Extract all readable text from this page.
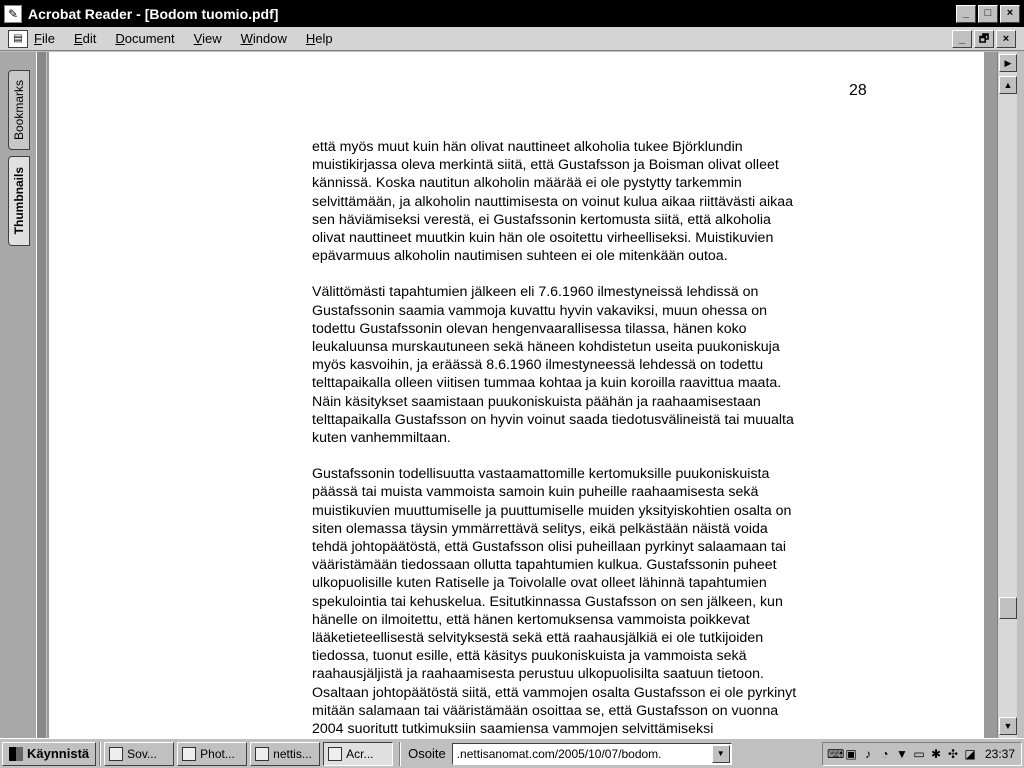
✎ Acrobat Reader - [Bodom tuomio.pdf]	_	□	×
▤ File Edit Document View Window Help	_	🗗	×
Bookmarks
Thumbnails
28

että myös muut kuin hän olivat nauttineet alkoholia tukee Björklundin
muistikirjassa oleva merkintä siitä, että Gustafsson ja Boisman olivat olleet
kännissä. Koska nautitun alkoholin määrää ei ole pystytty tarkemmin
selvittämään, ja alkoholin nauttimisesta on voinut kulua aikaa riittävästi aikaa
sen häviämiseksi verestä, ei Gustafssonin kertomusta siitä, että alkoholia
olivat nauttineet muutkin kuin hän ole osoitettu virheelliseksi. Muistikuvien
epävarmuus alkoholin nautimisen suhteen ei ole mitenkään outoa.

Välittömästi tapahtumien jälkeen eli 7.6.1960 ilmestyneissä lehdissä on
Gustafssonin saamia vammoja kuvattu hyvin vakaviksi, muun ohessa on
todettu Gustafssonin olevan hengenvaarallisessa tilassa, hänen koko
leukaluunsa murskautuneen sekä häneen kohdistetun useita puukoniskuja
myös kasvoihin, ja eräässä 8.6.1960 ilmestyneessä lehdessä on todettu
telttapaikalla olleen viitisen tummaa kohtaa ja kuin koroilla raavittua maata.
Näin käsitykset saamistaan puukoniskuista päähän ja raahaamisestaan
telttapaikalla Gustafsson on hyvin voinut saada tiedotusvälineistä tai muualta
kuten vanhemmiltaan.

Gustafssonin todellisuutta vastaamattomille kertomuksille puukoniskuista
päässä tai muista vammoista samoin kuin puheille raahaamisesta sekä
muistikuvien muuttumiselle ja puuttumiselle muiden yksityiskohtien osalta on
siten olemassa täysin ymmärrettävä selitys, eikä pelkästään näistä voida
tehdä johtopäätöstä, että Gustafsson olisi puheillaan pyrkinyt salaamaan tai
vääristämään tiedossaan ollutta tapahtumien kulkua. Gustafssonin puheet
ulkopuolisille kuten Ratiselle ja Toivolalle ovat olleet lähinnä tapahtumien
spekulointia tai kehuskelua. Esitutkinnassa Gustafsson on sen jälkeen, kun
hänelle on ilmoitettu, että hänen kertomuksensa vammoista poikkevat
lääketieteellisestä selvityksestä sekä että raahausjälkiä ei ole tutkijoiden
tiedossa, tuonut esille, että käsitys puukoniskuista ja vammoista sekä
raahausjäljistä ja raahaamisesta perustuu ulkopuolisilta saatuun tietoon.
Osaltaan johtopäätöstä siitä, että vammojen osalta Gustafsson ei ole pyrkinyt
mitään salamaan tai vääristämään osoittaa se, että Gustafsson on vuonna
2004 suoritutt tutkimuksiin saamiensa vammojen selvittämiseksi

▶
▲
▼
Käynnistä	Sov...	Phot...	nettis...	Acr...	Osoite .nettisanomat.com/2005/10/07/bodom.	▼	⌨ ▣ ♪ ◔ ▼ ▭ ✱ ✣ ◪ 23:37
